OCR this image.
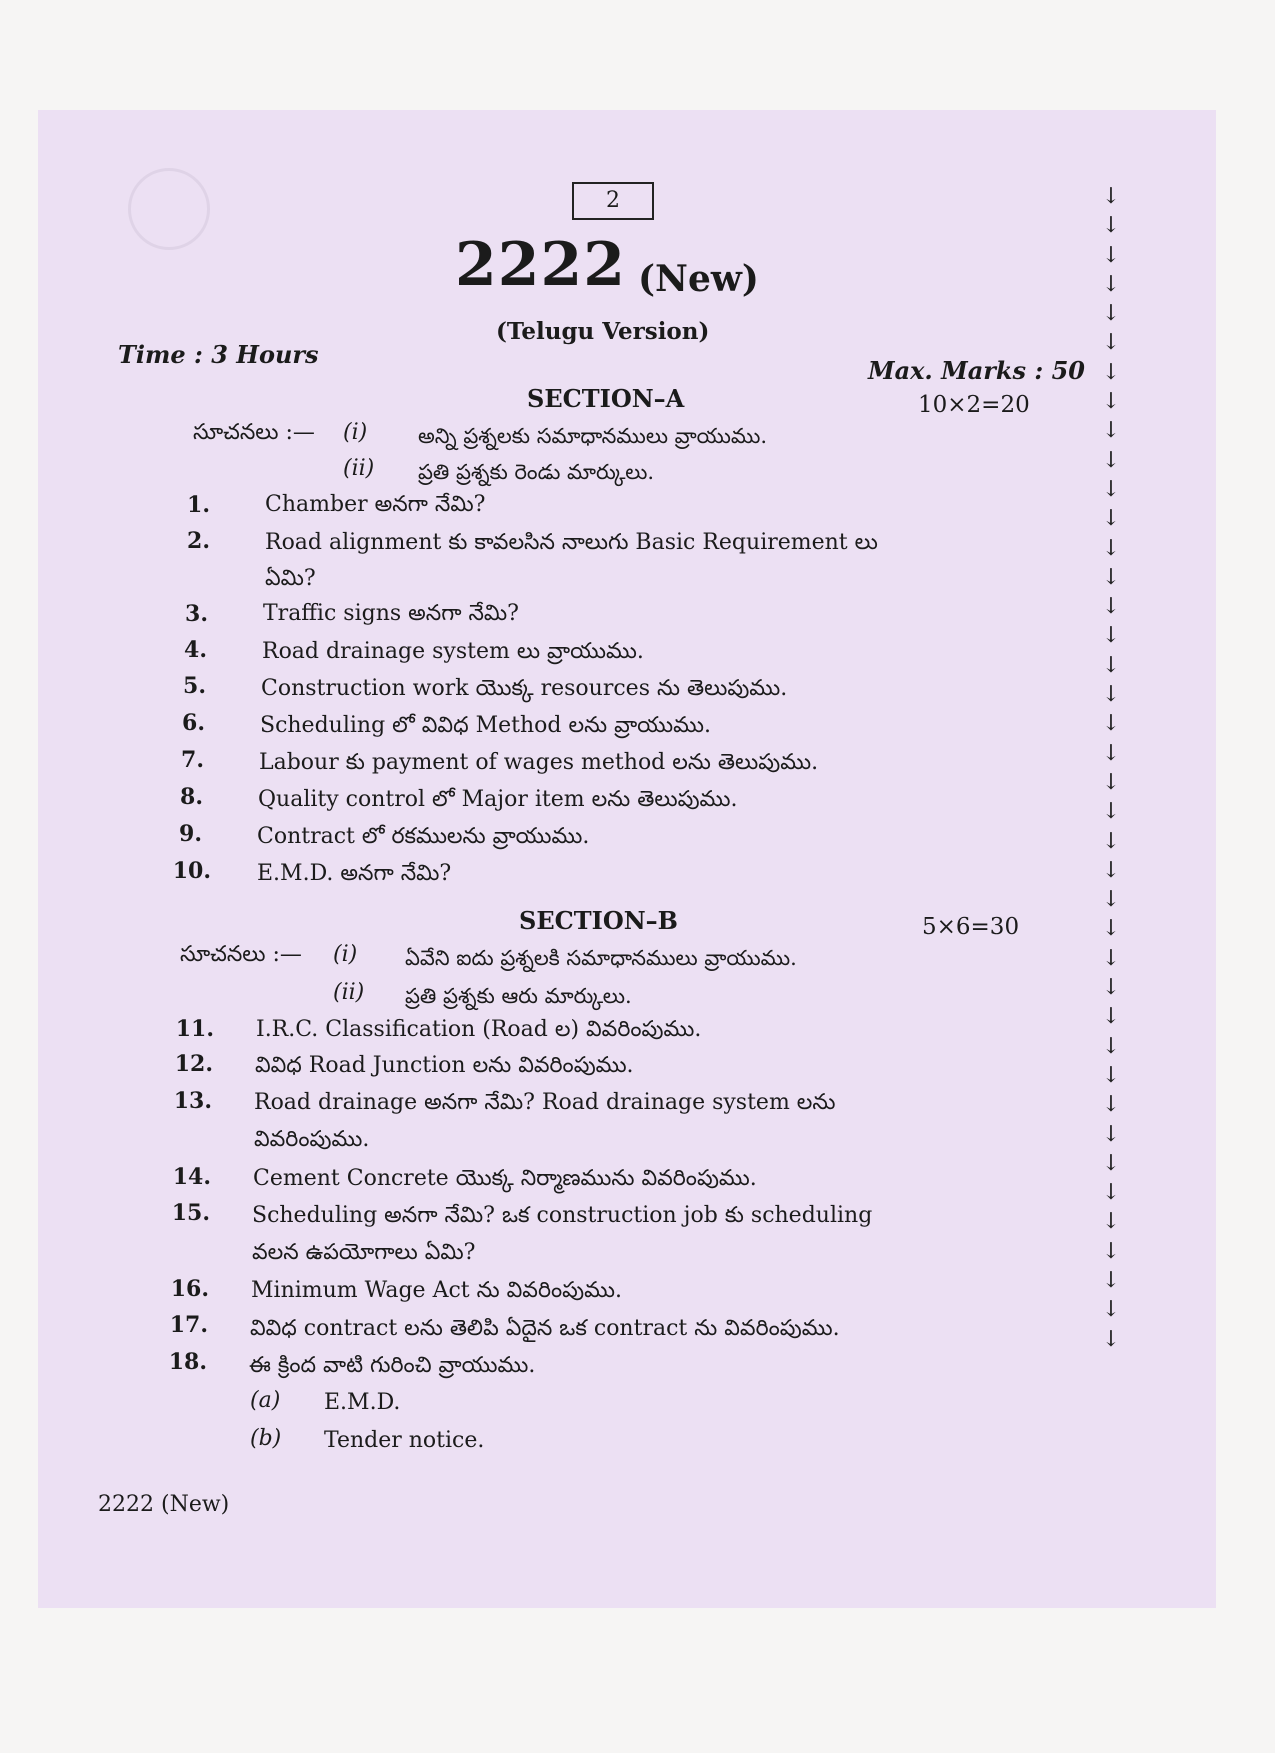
2
2222 (New)
(Telugu Version)
Time : 3 Hours
Max. Marks : 50
SECTION–A	10×2=20
సూచనలు :— (i) అన్ని ప్రశ్నలకు సమాధానములు వ్రాయుము.
(ii) ప్రతి ప్రశ్నకు రెండు మార్కులు.
1.	Chamber అనగా నేమి?
2.	Road alignment కు కావలసిన నాలుగు Basic Requirement లు
ఏమి?
3.	Traffic signs అనగా నేమి?
4.	Road drainage system లు వ్రాయుము.
5.	Construction work యొక్క resources ను తెలుపుము.
6.	Scheduling లో వివిధ Method లను వ్రాయుము.
7.	Labour కు payment of wages method లను తెలుపుము.
8.	Quality control లో Major item లను తెలుపుము.
9.	Contract లో రకములను వ్రాయుము.
10. E.M.D. అనగా నేమి?
SECTION–B	5×6=30
సూచనలు :— (i) ఏవేని ఐదు ప్రశ్నలకి సమాధానములు వ్రాయుము.
(ii) ప్రతి ప్రశ్నకు ఆరు మార్కులు.
11. I.R.C. Classification (Road ల) వివరింపుము.
12. వివిధ Road Junction లను వివరింపుము.
13. Road drainage అనగా నేమి? Road drainage system లను
వివరింపుము.
14. Cement Concrete యొక్క నిర్మాణమును వివరింపుము.
15. Scheduling అనగా నేమి? ఒక construction job కు scheduling
వలన ఉపయోగాలు ఏమి?
16. Minimum Wage Act ను వివరింపుము.
17. వివిధ contract లను తెలిపి ఏదైన ఒక contract ను వివరింపుము.
18. ఈ క్రింద వాటి గురించి వ్రాయుము.
(a) E.M.D.
(b) Tender notice.
2222 (New)
↓
↓
↓
↓
↓
↓
↓
↓
↓
↓
↓
↓
↓
↓
↓
↓
↓
↓
↓
↓
↓
↓
↓
↓
↓
↓
↓
↓
↓
↓
↓
↓
↓
↓
↓
↓
↓
↓
↓
↓
